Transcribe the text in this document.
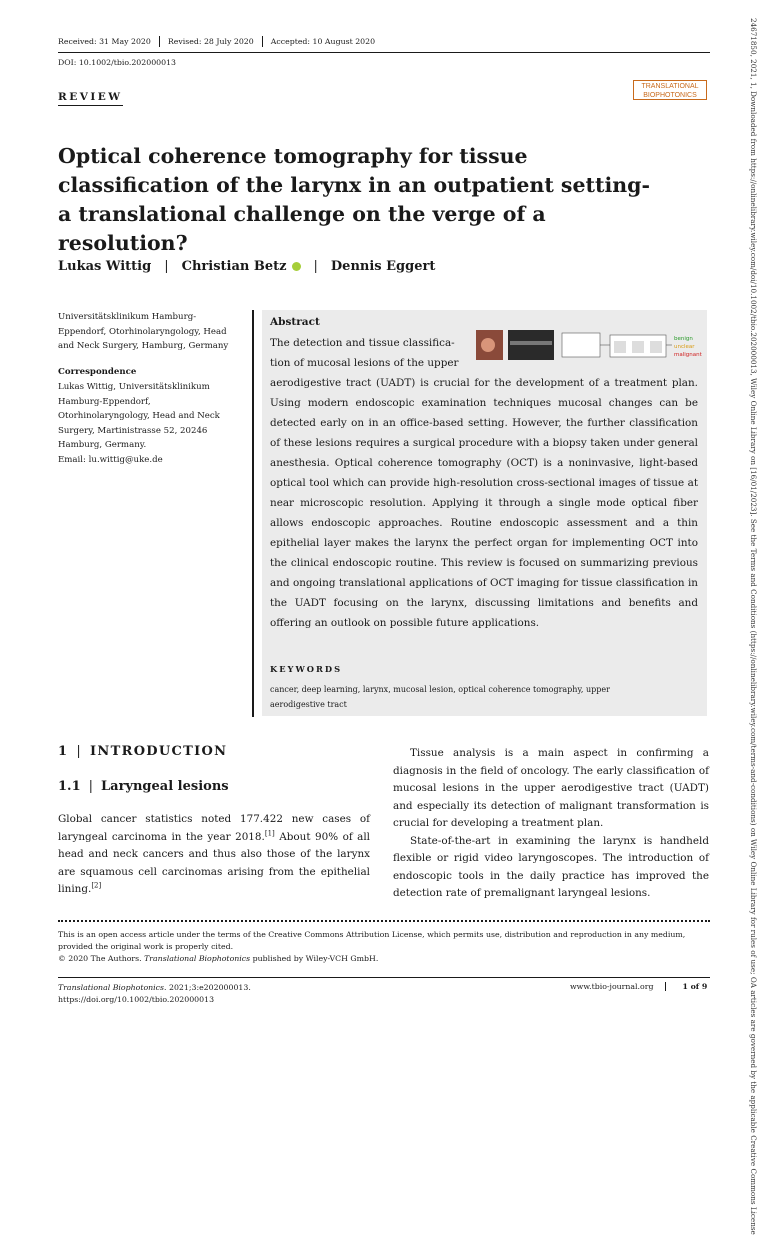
Received: 31 May 2020	Revised: 28 July 2020	Accepted: 10 August 2020
DOI: 10.1002/tbio.202000013
REVIEW
TRANSLATIONAL
BIOPHOTONICS
Optical coherence tomography for tissue classification of the larynx in an outpatient setting-a translational challenge on the verge of a resolution?
Lukas Wittig | Christian Betz | Dennis Eggert
Universitätsklinikum Hamburg-Eppendorf, Otorhinolaryngology, Head and Neck Surgery, Hamburg, Germany
Correspondence
Lukas Wittig, Universitätsklinikum Hamburg-Eppendorf, Otorhinolaryngology, Head and Neck Surgery, Martinistrasse 52, 20246 Hamburg, Germany.
Email: lu.wittig@uke.de
Abstract
The detection and tissue classifica-
tion of mucosal lesions of the upper
aerodigestive tract (UADT) is crucial for the development of a treatment plan. Using modern endoscopic examination techniques mucosal changes can be detected early on in an office-based setting. However, the further classification of these lesions requires a surgical procedure with a biopsy taken under general anesthesia. Optical coherence tomography (OCT) is a noninvasive, light-based optical tool which can provide high-resolution cross-sectional images of tissue at near microscopic resolution. Applying it through a single mode optical fiber allows endoscopic approaches. Routine endoscopic assessment and a thin epithelial layer makes the larynx the perfect organ for implementing OCT into the clinical endoscopic routine. This review is focused on summarizing previous and ongoing translational applications of OCT imaging for tissue classification in the UADT focusing on the larynx, discussing limitations and benefits and offering an outlook on possible future applications.
benign
unclear
malignant
KEYWORDS
cancer, deep learning, larynx, mucosal lesion, optical coherence tomography, upper aerodigestive tract
1 | INTRODUCTION
1.1 | Laryngeal lesions

Global cancer statistics noted 177.422 new cases of laryngeal carcinoma in the year 2018.[1] About 90% of all head and neck cancers and thus also those of the larynx are squamous cell carcinomas arising from the epithelial lining.[2]

Tissue analysis is a main aspect in confirming a diagnosis in the field of oncology. The early classification of mucosal lesions in the upper aerodigestive tract (UADT) and especially its detection of malignant transformation is crucial for developing a treatment plan.

State-of-the-art in examining the larynx is handheld flexible or rigid video laryngoscopes. The introduction of endoscopic tools in the daily practice has improved the detection rate of premalignant laryngeal lesions.

This is an open access article under the terms of the Creative Commons Attribution License, which permits use, distribution and reproduction in any medium, provided the original work is properly cited.
© 2020 The Authors. Translational Biophotonics published by Wiley-VCH GmbH.
Translational Biophotonics. 2021;3:e202000013.
https://doi.org/10.1002/tbio.202000013
www.tbio-journal.org	1 of 9	24671850, 2021, 1, Downloaded from https://onlinelibrary.wiley.com/doi/10.1002/tbio.202000013, Wiley Online Library on [16/01/2023]. See the Terms and Conditions (https://onlinelibrary.wiley.com/terms-and-conditions) on Wiley Online Library for rules of use; OA articles are governed by the applicable Creative Commons License
